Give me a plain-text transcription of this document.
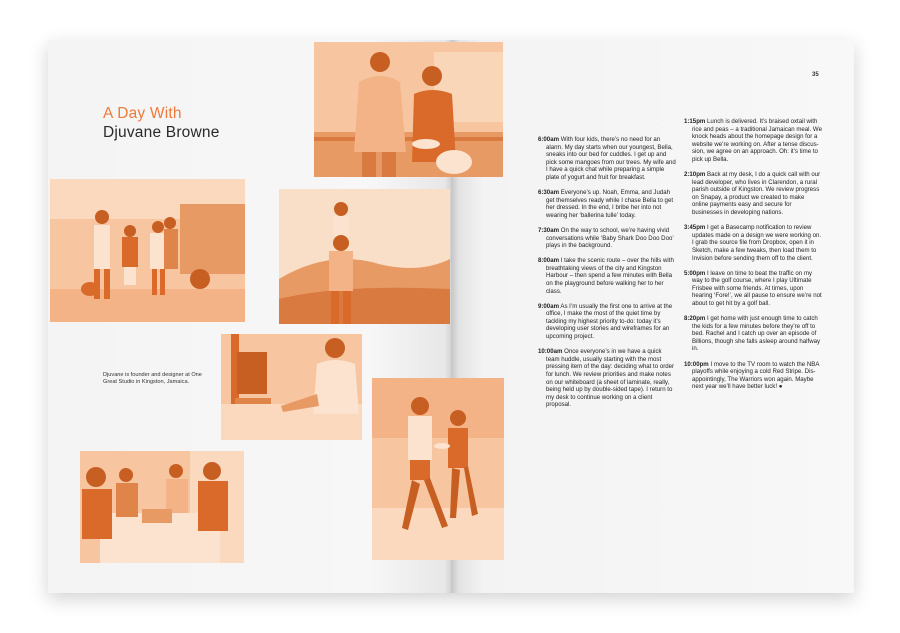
A Day With
Djuvane Browne
Djuvane is founder and designer at One Great Studio in Kingston, Jamaica.
35

6:00am With four kids, there’s no need for an alarm. My day starts when our youngest, Bella, sneaks into our bed for cuddles. I get up and pick some mangoes from our trees. My wife and I have a quick chat while preparing a simple plate of yogurt and fruit for breakfast.

6:30am Everyone’s up. Noah, Emma, and Judah get themselves ready while I chase Bella to get her dressed. In the end, I bribe her into not wearing her ‘ballerina tulle’ today.

7:30am On the way to school, we’re having vivid conversations while ‘Baby Shark Doo Doo Doo’ plays in the background.

8:00am I take the scenic route – over the hills with breathtaking views of the city and Kingston Harbour – then spend a few minutes with Bella on the playground before walking her to her class.

9:00am As I’m usually the first one to arrive at the office, I make the most of the quiet time by tackling my highest priority to-do: today it’s developing user stories and wireframes for an upcoming project.

10:00am Once everyone’s in we have a quick team huddle, usually starting with the most pressing item of the day: deciding what to order for lunch. We review priorities and make notes on our whiteboard (a sheet of laminate, really, being held up by double-sided tape). I return to my desk to continue working on a client proposal.

1:15pm Lunch is delivered. It’s braised oxtail with rice and peas – a traditional Jamaican meal. We knock heads about the homepage design for a website we’re working on. After a tense discussion, we agree on an approach. Oh: it’s time to pick up Bella.

2:10pm Back at my desk, I do a quick call with our lead developer, who lives in Clarendon, a rural parish outside of Kingston. We review progress on Snapay, a product we created to make online payments easy and secure for businesses in developing nations.

3:45pm I get a Basecamp notification to review updates made on a design we were working on. I grab the source file from Dropbox, open it in Sketch, make a few tweaks, then load them to Invision before sending them off to the client.

5:00pm I leave on time to beat the traffic on my way to the golf course, where I play Ultimate Frisbee with some friends. At times, upon hearing ‘Fore!’, we all pause to ensure we’re not about to get hit by a golf ball.

8:20pm I get home with just enough time to catch the kids for a few minutes before they’re off to bed. Rachel and I catch up over an episode of Billions, though she falls asleep around halfway in.

10:00pm I move to the TV room to watch the NBA playoffs while enjoying a cold Red Stripe. Disappointingly, The Warriors won again. Maybe next year we’ll have better luck! ●
